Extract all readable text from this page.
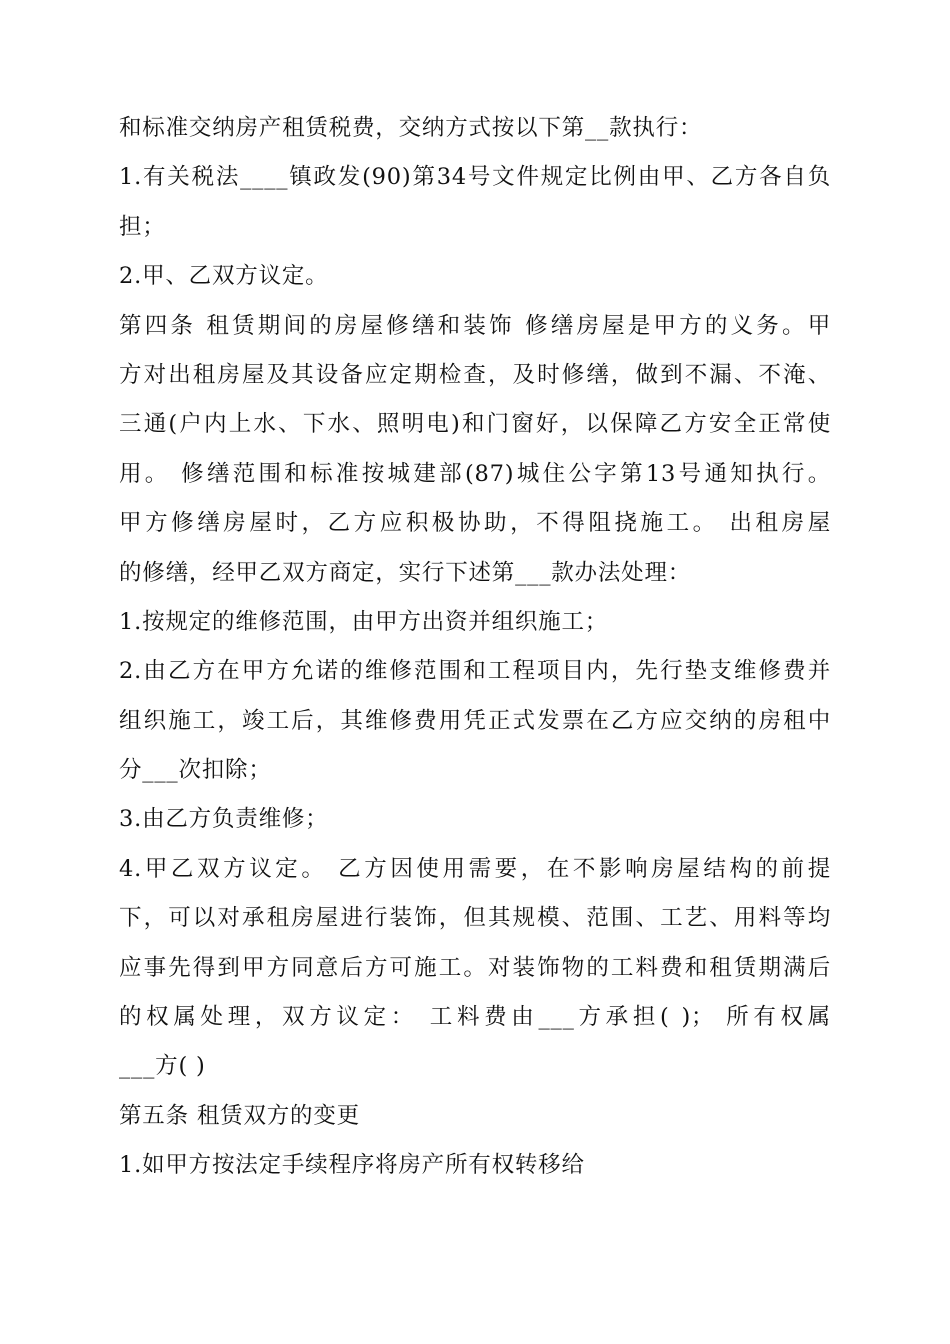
和标准交纳房产租赁税费，交纳方式按以下第__款执行：
1.有关税法____镇政发(90)第34号文件规定比例由甲、乙方各自负
担；
2.甲、乙双方议定。
第四条 租赁期间的房屋修缮和装饰 修缮房屋是甲方的义务。甲
方对出租房屋及其设备应定期检查，及时修缮，做到不漏、不淹、
三通(户内上水、下水、照明电)和门窗好，以保障乙方安全正常使
用。 修缮范围和标准按城建部(87)城住公字第13号通知执行。
甲方修缮房屋时，乙方应积极协助，不得阻挠施工。 出租房屋
的修缮，经甲乙双方商定，实行下述第___款办法处理：
1.按规定的维修范围，由甲方出资并组织施工；
2.由乙方在甲方允诺的维修范围和工程项目内，先行垫支维修费并
组织施工，竣工后，其维修费用凭正式发票在乙方应交纳的房租中
分___次扣除；
3.由乙方负责维修；
4.甲乙双方议定。 乙方因使用需要，在不影响房屋结构的前提
下，可以对承租房屋进行装饰，但其规模、范围、工艺、用料等均
应事先得到甲方同意后方可施工。对装饰物的工料费和租赁期满后
的权属处理，双方议定： 工料费由___方承担( )； 所有权属
___方( )
第五条 租赁双方的变更
1.如甲方按法定手续程序将房产所有权转移给
